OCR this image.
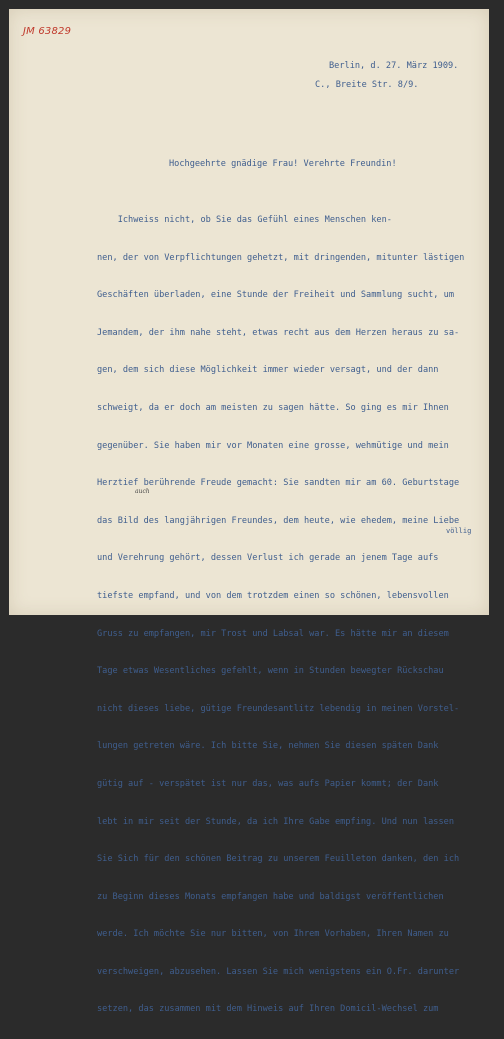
JM 63829
Berlin, d. 27. März 1909.
C., Breite Str. 8/9.
Hochgeehrte gnädige Frau! Verehrte Freundin!

Ichweiss nicht, ob Sie das Gefühl eines Menschen ken-

nen, der von Verpflichtungen gehetzt, mit dringenden, mitunter lästigen

Geschäften überladen, eine Stunde der Freiheit und Sammlung sucht, um

Jemandem, der ihm nahe steht, etwas recht aus dem Herzen heraus zu sa-

gen, dem sich diese Möglichkeit immer wieder versagt, und der dann

schweigt, da er doch am meisten zu sagen hätte. So ging es mir Ihnen

gegenüber. Sie haben mir vor Monaten eine grosse, wehmütige und mein

Herztief berührende Freude gemacht: Sie sandten mir am 60. Geburtstage

das Bild des langjährigen Freundes, dem heute, wie ehedem, meine Liebe

und Verehrung gehört, dessen Verlust ich gerade an jenem Tage aufs

tiefste empfand, und von dem trotzdem einen so schönen, lebensvollen

Gruss zu empfangen, mir Trost und Labsal war. Es hätte mir an diesem

Tage etwas Wesentliches gefehlt, wenn in Stunden bewegter Rückschau

nicht dieses liebe, gütige Freundesantlitz lebendig in meinen Vorstel-

lungen getreten wäre. Ich bitte Sie, nehmen Sie diesen späten Dank

gütig auf - verspätet ist nur das, was aufs Papier kommt; der Dank

lebt in mir seit der Stunde, da ich Ihre Gabe empfing. Und nun lassen

Sie Sich für den schönen Beitrag zu unserem Feuilleton danken, den ich

zu Beginn dieses Monats empfangen habe und baldigst veröffentlichen

werde. Ich möchte Sie nur bitten, von Ihrem Vorhaben, Ihren Namen zu

verschweigen, abzusehen. Lassen Sie mich wenigstens ein O.Fr. darunter

setzen, das zusammen mit dem Hinweis auf Ihren Domicil-Wechsel zum

auch
völlig
